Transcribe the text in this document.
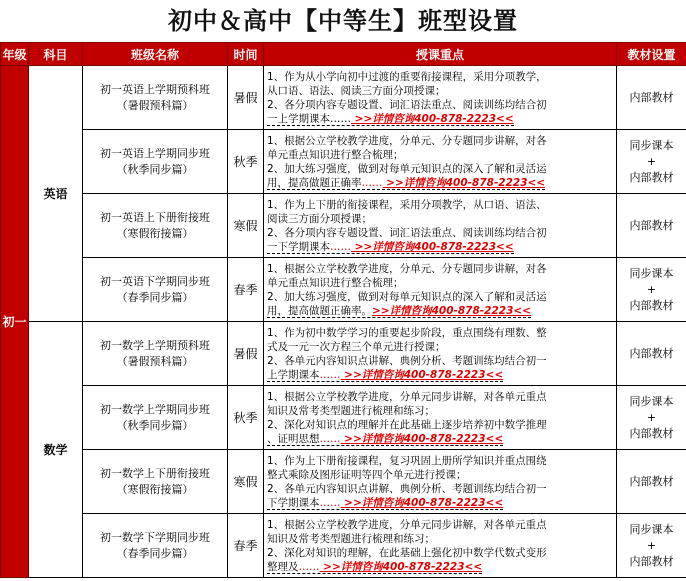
初中＆高中【中等生】班型设置
年级	科目	班级名称	时间	授课重点	教材设置
初一	英语	初一英语上学期预科班
（暑假预科篇）	暑假	1、作为从小学向初中过渡的重要衔接课程，采用分项教学，
从口语、语法、阅读三方面分项授课；
2、各分项内容专题设置、词汇语法重点、阅读训练均结合初
一上学期课本…… >>详情咨询400-878-2223<<	内部教材
		初一英语上学期同步班
（秋季同步篇）	秋季	1、根据公立学校教学进度，分单元、分专题同步讲解，对各
单元重点知识进行整合梳理；
2、加大练习强度，做到对每单元知识点的深入了解和灵活运
用，提高做题正确率…… >>详情咨询400-878-2223<<	同步课本
+
内部教材
		初一英语上下册衔接班
（寒假衔接篇）	寒假	1、作为上下册的衔接课程，采用分项教学，从口语、语法、
阅读三方面分项授课；
2、各分项内容专题设置、词汇语法重点、阅读训练均结合初
一下学期课本…… >>详情咨询400-878-2223<<	内部教材
		初一英语下学期同步班
（春季同步篇）	春季	1、根据公立学校教学进度，分单元、分专题同步讲解，对各
单元重点知识进行整合梳理；
2、加大练习强度，做到对每单元知识点的深入了解和灵活运
用，提高做题正确率。>>详情咨询400-878-2223<<	同步课本
+
内部教材
	数学	初一数学上学期预科班
（暑假预科篇）	暑假	1、作为初中数学学习的重要起步阶段，重点围绕有理数、整
式及一元一次方程三个单元进行授课；
2、各单元内容知识点讲解、典例分析、考题训练均结合初一
上学期课本…… >>详情咨询400-878-2223<<	内部教材
		初一数学上学期同步班
（秋季同步篇）	秋季	1、根据公立学校教学进度，分单元同步讲解，对各单元重点
知识及常考类型题进行梳理和练习；
2、深化对知识点的理解并在此基础上逐步培养初中数学推理
、证明思想…… >>详情咨询400-878-2223<<	同步课本
+
内部教材
		初一数学上下册衔接班
（寒假衔接篇）	寒假	1、作为上下册衔接课程，复习巩固上册所学知识并重点围绕
整式乘除及图形证明等四个单元进行授课；
2、各单元内容知识点讲解、典例分析、考题训练均结合初一
下学期课本…… >>详情咨询400-878-2223<<	内部教材
		初一数学下学期同步班
（春季同步篇）	春季	1、根据公立学校教学进度，分单元同步讲解，对各单元重点
知识及常考类型题进行梳理和练习；
2、深化对知识的理解，在此基础上强化初中数学代数式变形
整理及…… >>详情咨询400-878-2223<<	同步课本
+
内部教材
